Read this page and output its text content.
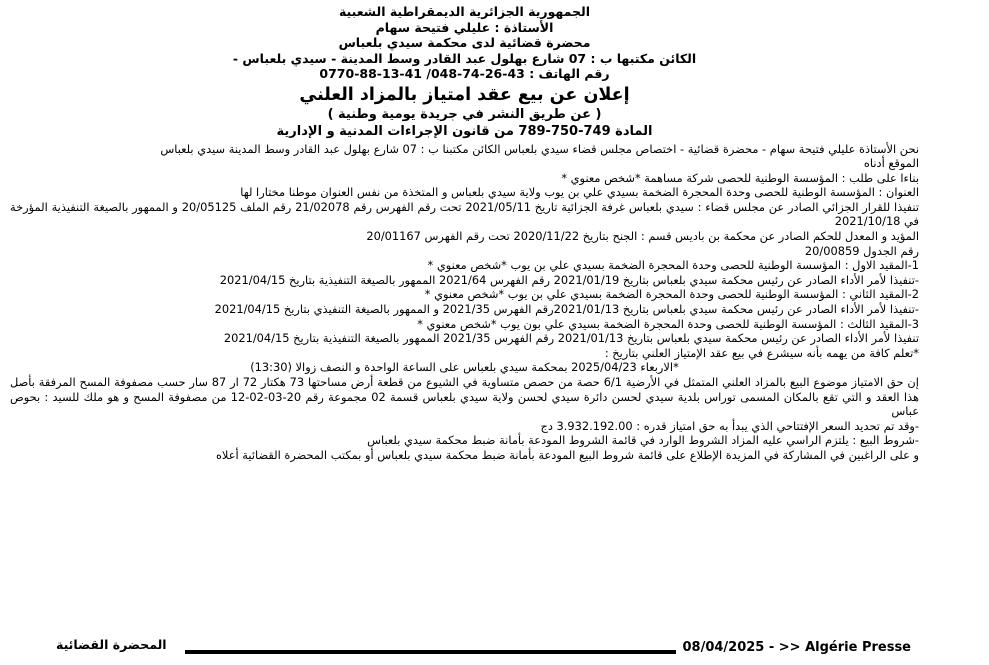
الجمهورية الجزائرية الديمقراطية الشعبية
الأستاذة : عليلي فتيحة سهام
محضرة قضائية لدى محكمة سيدي بلعباس
الكائن مكتبها ب : 07 شارع بهلول عبد القادر وسط المدينة - سيدي بلعباس -
رقم الهاتف : 43-26-74-048/ 41-13-88-0770
إعلان عن بيع عقد امتياز بالمزاد العلني
( عن طريق النشر في جريدة يومية وطنية )
المادة 749-750-789 من قانون الإجراءات المدنية و الإدارية

نحن الأستاذة عليلي فتيحة سهام - محضرة قضائية - اختصاص مجلس قضاء سيدي بلعباس الكائن مكتبنا ب : 07 شارع بهلول عبد القادر وسط المدينة سيدي بلعباس

الموقع أدناه

بناءا على طلب : المؤسسة الوطنية للحصى شركة مساهمة *شخص معنوي *

العنوان : المؤسسة الوطنية للحصى وحدة المحجرة الضخمة بسيدي علي بن يوب ولاية سيدي بلعباس و المتخذة من نفس العنوان موطنا مختارا لها

تنفيذا للقرار الجزائي الصادر عن مجلس قضاء : سيدي بلعباس غرفة الجزائية تاريخ 2021/05/11 تحت رقم الفهرس رقم 21/02078 رقم الملف 20/05125 و الممهور بالصيغة التنفيذية المؤرخة في 2021/10/18

المؤيد و المعدل للحكم الصادر عن محكمة بن باديس قسم : الجنح بتاريخ 2020/11/22 تحت رقم الفهرس 20/01167

رقم الجدول 20/00859

1-المقيد الاول : المؤسسة الوطنية للحصى وحدة المحجرة الضخمة بسيدي علي بن يوب *شخص معنوي *

-تنفيذا لأمر الأداء الصادر عن رئيس محكمة سيدي بلعباس بتاريخ 2021/01/19 رقم الفهرس 2021/64 الممهور بالصيغة التنفيذية بتاريخ 2021/04/15

2-المقيد الثاني : المؤسسة الوطنية للحصى وحدة المحجرة الضخمة بسيدي علي بن يوب *شخص معنوي *

-تنفيذا لأمر الأداء الصادر عن رئيس محكمة سيدي بلعباس بتاريخ 2021/01/13رقم الفهرس 2021/35 و الممهور بالصيغة التنفيذي بتاريخ 2021/04/15

3-المقيد الثالث : المؤسسة الوطنية للحصى وحدة المحجرة الضخمة بسيدي علي بون يوب *شخص معنوي *

تنفيذا لأمر الأداء الصادر عن رئيس محكمة سيدي بلعباس بتاريخ 2021/01/13 رقم الفهرس 2021/35 الممهور بالصيغة التنفيذية بتاريخ 2021/04/15

*تعلم كافة من يهمه بأنه سيشرع في بيع عقد الإمتياز العلني بتاريخ :

*الاربعاء 2025/04/23 بمحكمة سيدي بلعباس على الساعة الواحدة و النصف زوالا (13:30)

إن حق الامتياز موضوع البيع بالمزاد العلني المتمثل في الأرضية 6/1 حصة من حصص متساوية في الشيوع من قطعة أرض مساحتها 73 هكتار 72 ار 87 سار حسب مصفوفة المسح المرفقة بأصل هذا العقد و التي تقع بالمكان المسمى توراس بلدية سيدي لحسن دائرة سيدي لحسن ولاية سيدي بلعباس قسمة 02 مجموعة رقم 20-03-02-12 من مصفوفة المسح و هو ملك للسيد : بحوص عباس

-وقد تم تحديد السعر الإفتتاحي الذي يبدأ به حق امتياز قدره : 3.932.192.00 دج

-شروط البيع : يلتزم الراسي عليه المزاد الشروط الوارد في قائمة الشروط المودعة بأمانة ضبط محكمة سيدي بلعباس

و على الراغبين في المشاركة في المزيدة الإطلاع على قائمة شروط البيع المودعة بأمانة ضبط محكمة سيدي بلعباس أو بمكتب المحضرة القضائية أعلاه

المحضرة القضائية	08/04/2025 - >> Algérie Presse
